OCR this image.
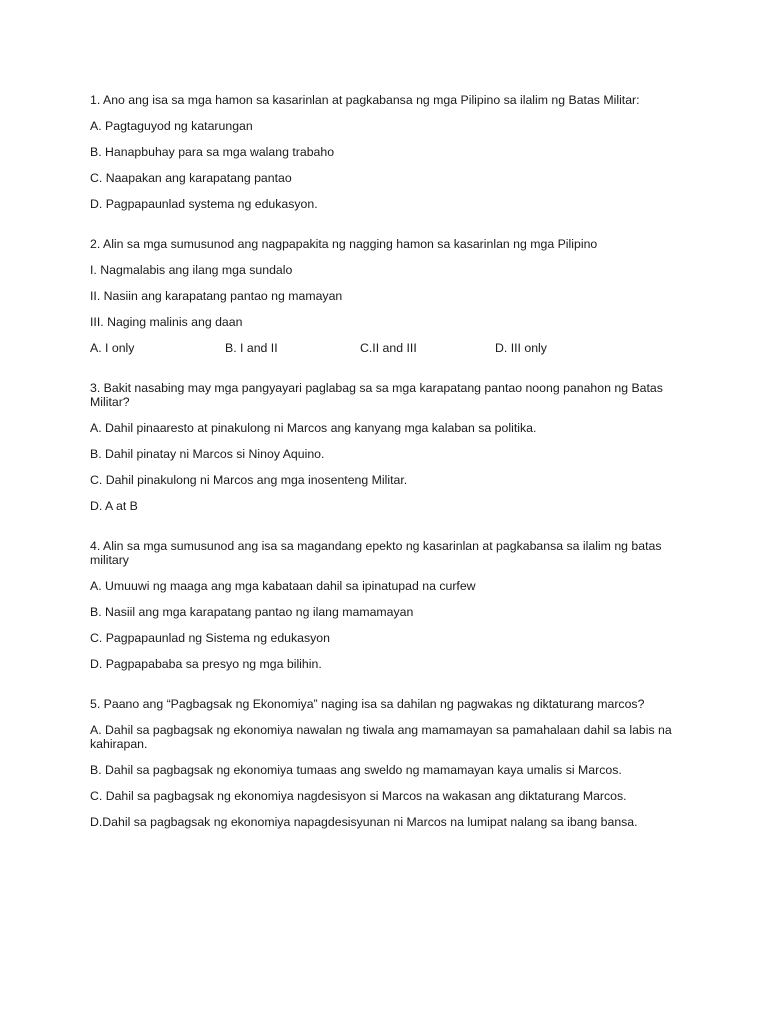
1. Ano ang isa sa mga hamon sa kasarinlan at pagkabansa ng mga Pilipino sa ilalim ng Batas Militar:

A. Pagtaguyod ng katarungan

B. Hanapbuhay para sa mga walang trabaho

C. Naapakan ang karapatang pantao

D. Pagpapaunlad systema ng edukasyon.

2. Alin sa mga sumusunod ang nagpapakita ng nagging hamon sa kasarinlan ng mga Pilipino

I. Nagmalabis ang ilang mga sundalo

II. Nasiin ang karapatang pantao ng mamayan

III. Naging malinis ang daan

A. I only	B. I and II	C.II and III	D. III only

3. Bakit nasabing may mga pangyayari paglabag sa sa mga karapatang pantao noong panahon ng Batas Militar?

A. Dahil pinaaresto at pinakulong ni Marcos ang kanyang mga kalaban sa politika.

B. Dahil pinatay ni Marcos si Ninoy Aquino.

C. Dahil pinakulong ni Marcos ang mga inosenteng Militar.

D. A at B

4. Alin sa mga sumusunod ang isa sa magandang epekto ng kasarinlan at pagkabansa sa ilalim ng batas military

A. Umuuwi ng maaga ang mga kabataan dahil sa ipinatupad na curfew

B. Nasiil ang mga karapatang pantao ng ilang mamamayan

C. Pagpapaunlad ng Sistema ng edukasyon

D. Pagpapababa sa presyo ng mga bilihin.

5. Paano ang “Pagbagsak ng Ekonomiya” naging isa sa dahilan ng pagwakas ng diktaturang marcos?

A. Dahil sa pagbagsak ng ekonomiya nawalan ng tiwala ang mamamayan sa pamahalaan dahil sa labis na kahirapan.

B. Dahil sa pagbagsak ng ekonomiya tumaas ang sweldo ng mamamayan kaya umalis si Marcos.

C. Dahil sa pagbagsak ng ekonomiya nagdesisyon si Marcos na wakasan ang diktaturang Marcos.

D.Dahil sa pagbagsak ng ekonomiya napagdesisyunan ni Marcos na lumipat nalang sa ibang bansa.
